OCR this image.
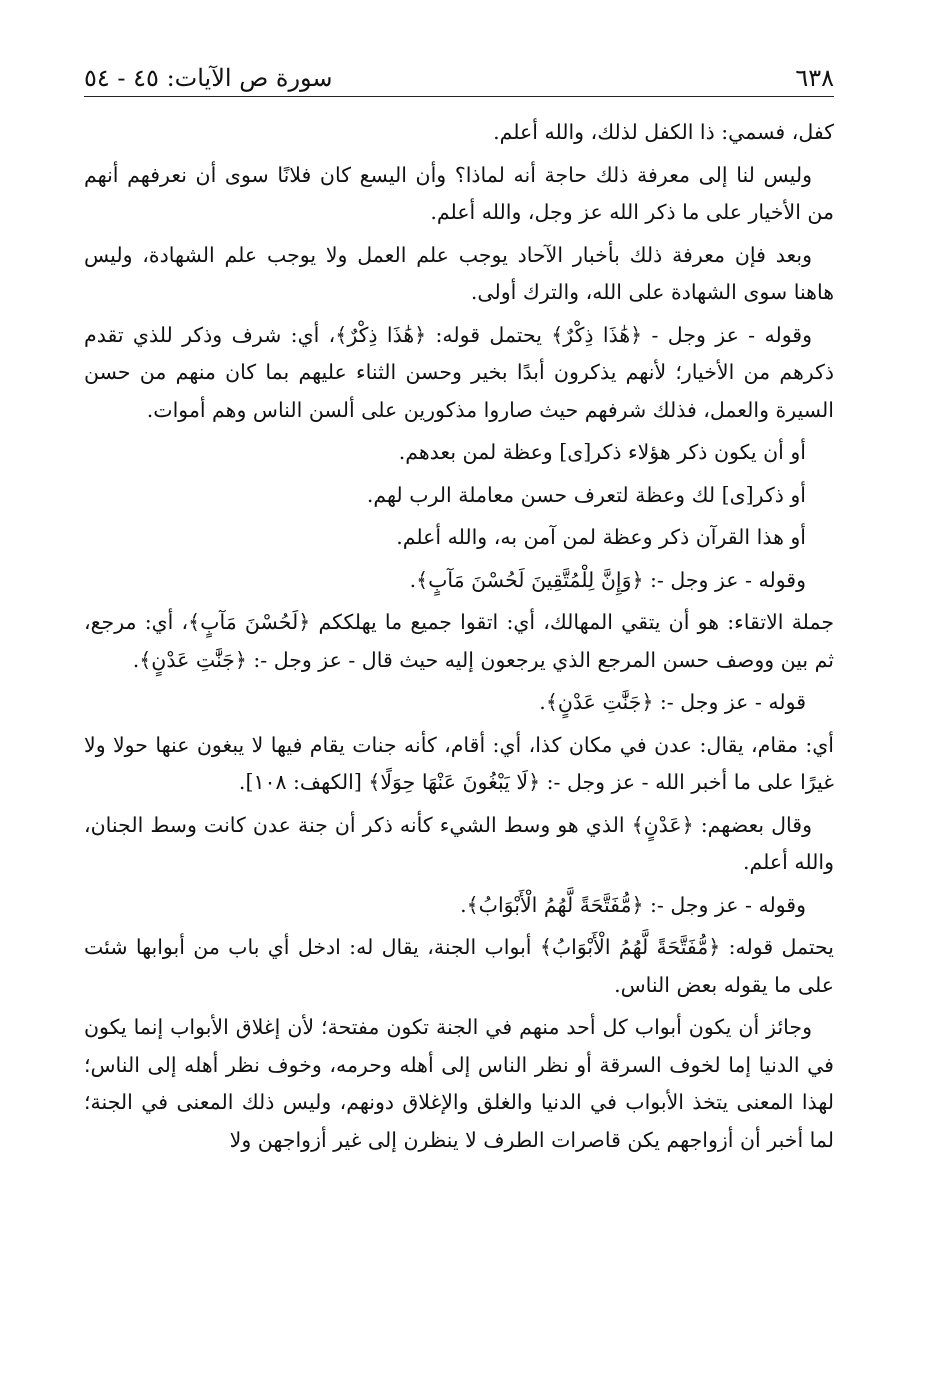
٦٣٨
سورة ص الآيات: ٤٥ - ٥٤

كفل، فسمي: ذا الكفل لذلك، والله أعلم.

وليس لنا إلى معرفة ذلك حاجة أنه لماذا؟ وأن اليسع كان فلانًا سوى أن نعرفهم أنهم من الأخيار على ما ذكر الله عز وجل، والله أعلم.

وبعد فإن معرفة ذلك بأخبار الآحاد يوجب علم العمل ولا يوجب علم الشهادة، وليس هاهنا سوى الشهادة على الله، والترك أولى.

وقوله - عز وجل - ﴿هَٰذَا ذِكْرٌ﴾ يحتمل قوله: ﴿هَٰذَا ذِكْرٌ﴾، أي: شرف وذكر للذي تقدم ذكرهم من الأخيار؛ لأنهم يذكرون أبدًا بخير وحسن الثناء عليهم بما كان منهم من حسن السيرة والعمل، فذلك شرفهم حيث صاروا مذكورين على ألسن الناس وهم أموات.

أو أن يكون ذكر هؤلاء ذكر[ى] وعظة لمن بعدهم.

أو ذكر[ى] لك وعظة لتعرف حسن معاملة الرب لهم.

أو هذا القرآن ذكر وعظة لمن آمن به، والله أعلم.

وقوله - عز وجل -: ﴿وَإِنَّ لِلْمُتَّقِينَ لَحُسْنَ مَآبٍ﴾.

جملة الاتقاء: هو أن يتقي المهالك، أي: اتقوا جميع ما يهلككم ﴿لَحُسْنَ مَآبٍ﴾، أي: مرجع، ثم بين ووصف حسن المرجع الذي يرجعون إليه حيث قال - عز وجل -: ﴿جَنَّٰتِ عَدْنٍ﴾.

قوله - عز وجل -: ﴿جَنَّٰتِ عَدْنٍ﴾.

أي: مقام، يقال: عدن في مكان كذا، أي: أقام، كأنه جنات يقام فيها لا يبغون عنها حولا ولا غيرًا على ما أخبر الله - عز وجل -: ﴿لَا يَبْغُونَ عَنْهَا حِوَلًا﴾ [الكهف: ١٠٨].

وقال بعضهم: ﴿عَدْنٍ﴾ الذي هو وسط الشيء كأنه ذكر أن جنة عدن كانت وسط الجنان، والله أعلم.

وقوله - عز وجل -: ﴿مُّفَتَّحَةً لَّهُمُ الْأَبْوَابُ﴾.

يحتمل قوله: ﴿مُّفَتَّحَةً لَّهُمُ الْأَبْوَابُ﴾ أبواب الجنة، يقال له: ادخل أي باب من أبوابها شئت على ما يقوله بعض الناس.

وجائز أن يكون أبواب كل أحد منهم في الجنة تكون مفتحة؛ لأن إغلاق الأبواب إنما يكون في الدنيا إما لخوف السرقة أو نظر الناس إلى أهله وحرمه، وخوف نظر أهله إلى الناس؛ لهذا المعنى يتخذ الأبواب في الدنيا والغلق والإغلاق دونهم، وليس ذلك المعنى في الجنة؛ لما أخبر أن أزواجهم يكن قاصرات الطرف لا ينظرن إلى غير أزواجهن ولا
